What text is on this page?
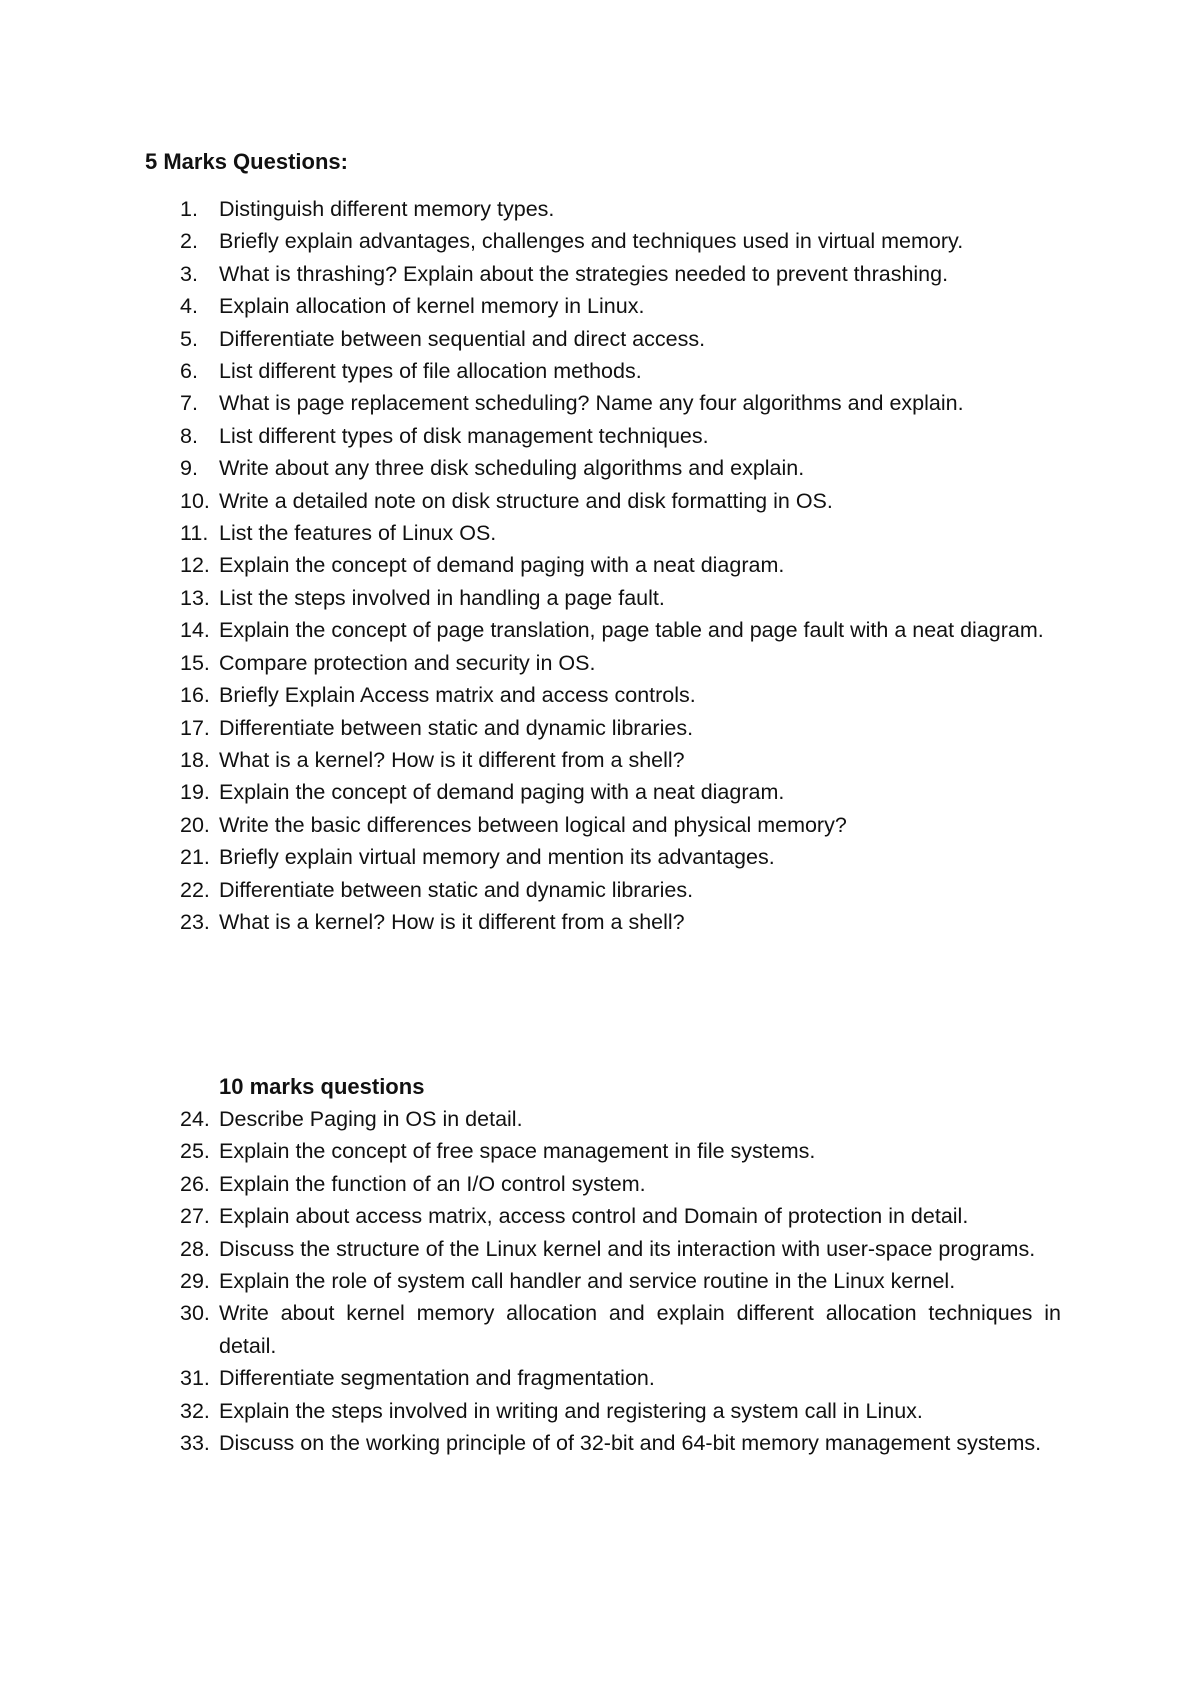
5 Marks Questions:
1. Distinguish different memory types.
2. Briefly explain advantages, challenges and techniques used in virtual memory.
3. What is thrashing? Explain about the strategies needed to prevent thrashing.
4. Explain allocation of kernel memory in Linux.
5. Differentiate between sequential and direct access.
6. List different types of file allocation methods.
7. What is page replacement scheduling? Name any four algorithms and explain.
8. List different types of disk management techniques.
9. Write about any three disk scheduling algorithms and explain.
10. Write a detailed note on disk structure and disk formatting in OS.
11. List the features of Linux OS.
12. Explain the concept of demand paging with a neat diagram.
13. List the steps involved in handling a page fault.
14. Explain the concept of page translation, page table and page fault with a neat diagram.
15. Compare protection and security in OS.
16. Briefly Explain Access matrix and access controls.
17. Differentiate between static and dynamic libraries.
18. What is a kernel? How is it different from a shell?
19. Explain the concept of demand paging with a neat diagram.
20. Write the basic differences between logical and physical memory?
21. Briefly explain virtual memory and mention its advantages.
22. Differentiate between static and dynamic libraries.
23. What is a kernel? How is it different from a shell?
10 marks questions
24. Describe Paging in OS in detail.
25. Explain the concept of free space management in file systems.
26. Explain the function of an I/O control system.
27. Explain about access matrix, access control and Domain of protection in detail.
28. Discuss the structure of the Linux kernel and its interaction with user-space programs.
29. Explain the role of system call handler and service routine in the Linux kernel.
30. Write about kernel memory allocation and explain different allocation techniques in detail.
31. Differentiate segmentation and fragmentation.
32. Explain the steps involved in writing and registering a system call in Linux.
33. Discuss on the working principle of of 32-bit and 64-bit memory management systems.
